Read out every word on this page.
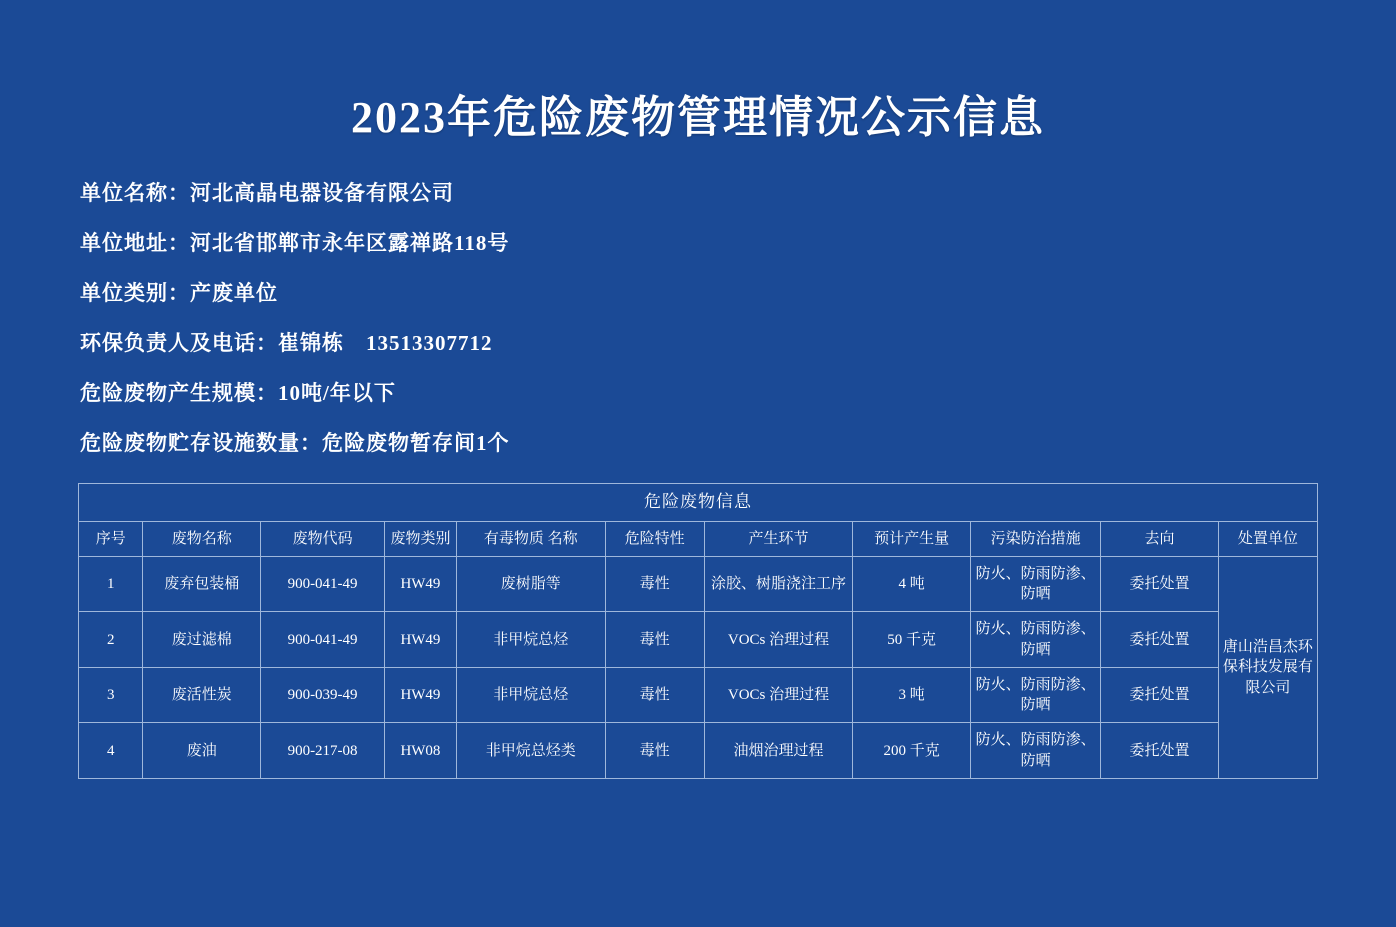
2023年危险废物管理情况公示信息
单位名称：河北高晶电器设备有限公司
单位地址：河北省邯郸市永年区露禅路118号
单位类别：产废单位
环保负责人及电话：崔锦栋　13513307712
危险废物产生规模：10吨/年以下
危险废物贮存设施数量：危险废物暂存间1个
危险废物信息										
序号	废物名称	废物代码	废物类别	有毒物质 名称	危险特性	产生环节	预计产生量	污染防治措施	去向	处置单位
1	废弃包装桶	900-041-49	HW49	废树脂等	毒性	涂胶、树脂浇注工序	4 吨	防火、防雨防渗、防晒	委托处置	唐山浩昌杰环保科技发展有限公司
2	废过滤棉	900-041-49	HW49	非甲烷总烃	毒性	VOCs 治理过程	50 千克	防火、防雨防渗、防晒	委托处置	
3	废活性炭	900-039-49	HW49	非甲烷总烃	毒性	VOCs 治理过程	3 吨	防火、防雨防渗、防晒	委托处置	
4	废油	900-217-08	HW08	非甲烷总烃类	毒性	油烟治理过程	200 千克	防火、防雨防渗、防晒	委托处置	
